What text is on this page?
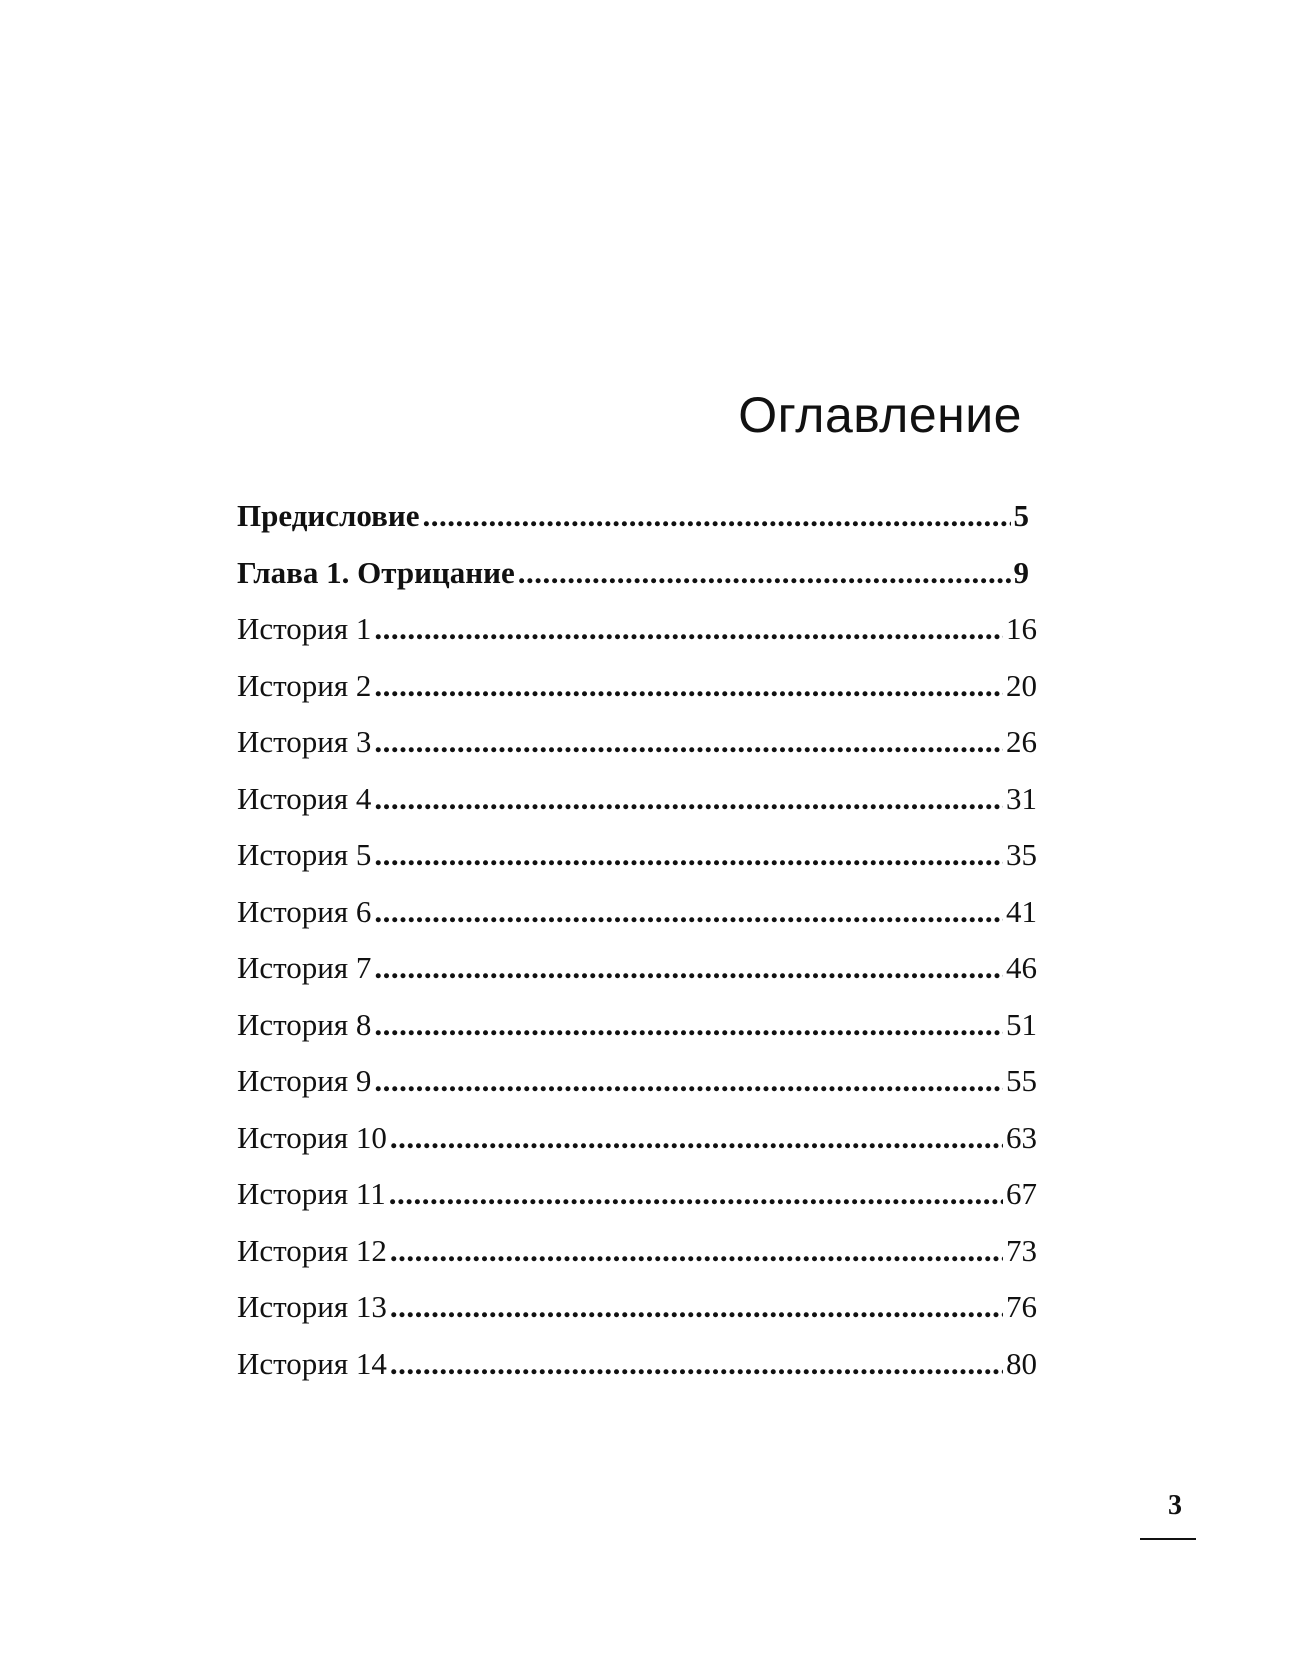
Оглавление
Предисловие .....	5
Глава 1. Отрицание .....	9
История 1 .....	16
История 2 .....	20
История 3 .....	26
История 4 .....	31
История 5 .....	35
История 6 .....	41
История 7 .....	46
История 8 .....	51
История 9 .....	55
История 10 .....	63
История 11 .....	67
История 12 .....	73
История 13 .....	76
История 14 .....	80
3
